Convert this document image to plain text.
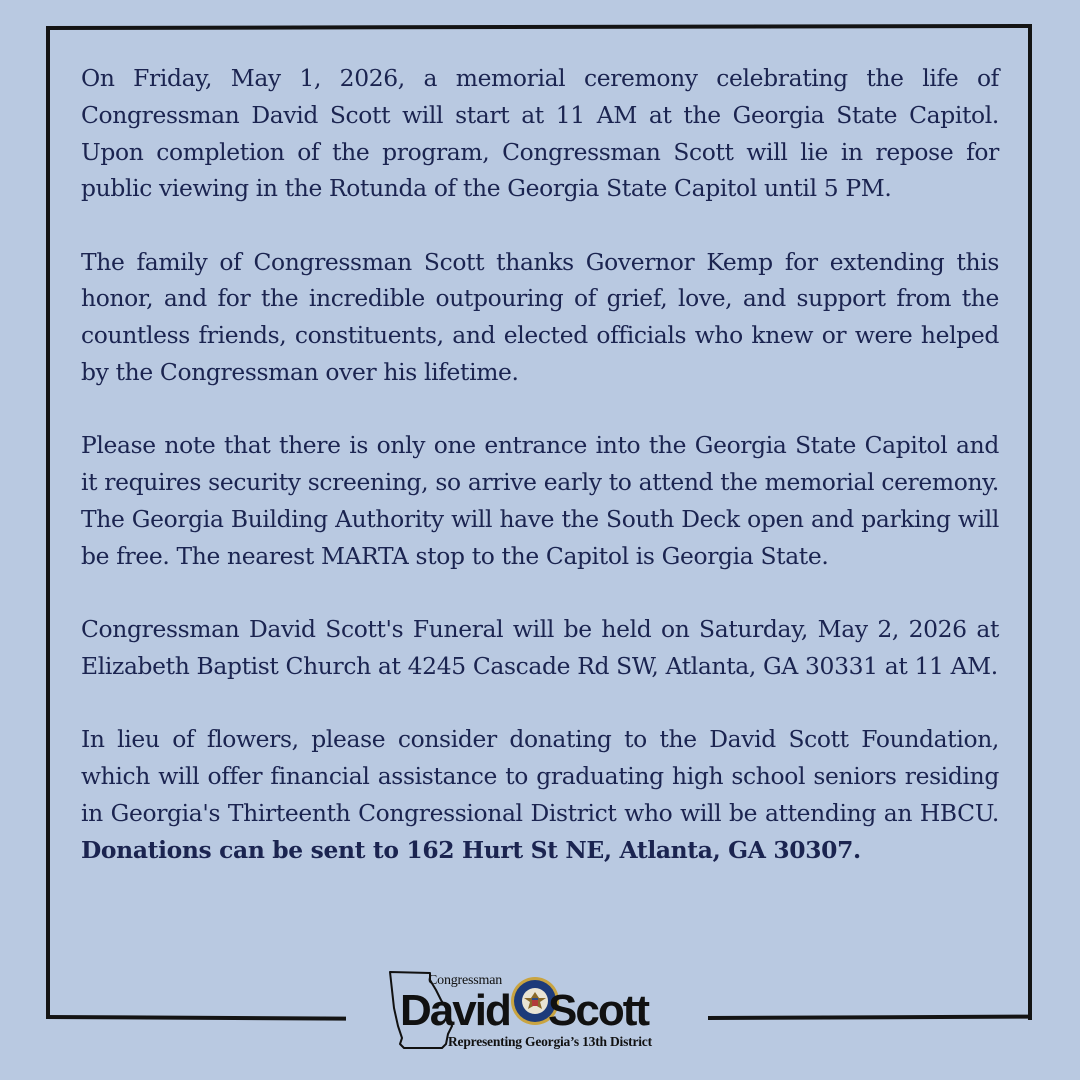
On Friday, May 1, 2026, a memorial ceremony celebrating the life of Congressman David Scott will start at 11 AM at the Georgia State Capitol. Upon completion of the program, Congressman Scott will lie in repose for public viewing in the Rotunda of the Georgia State Capitol until 5 PM.

The family of Congressman Scott thanks Governor Kemp for extending this honor, and for the incredible outpouring of grief, love, and support from the countless friends, constituents, and elected officials who knew or were helped by the Congressman over his lifetime.

Please note that there is only one entrance into the Georgia State Capitol and it requires security screening, so arrive early to attend the memorial ceremony. The Georgia Building Authority will have the South Deck open and parking will be free. The nearest MARTA stop to the Capitol is Georgia State.

Congressman David Scott's Funeral will be held on Saturday, May 2, 2026 at Elizabeth Baptist Church at 4245 Cascade Rd SW, Atlanta, GA 30331 at 11 AM.

In lieu of flowers, please consider donating to the David Scott Foundation, which will offer financial assistance to graduating high school seniors residing in Georgia's Thirteenth Congressional District who will be attending an HBCU. Donations can be sent to 162 Hurt St NE, Atlanta, GA 30307.

Congressman
David Scott
Representing Georgia’s 13th District
